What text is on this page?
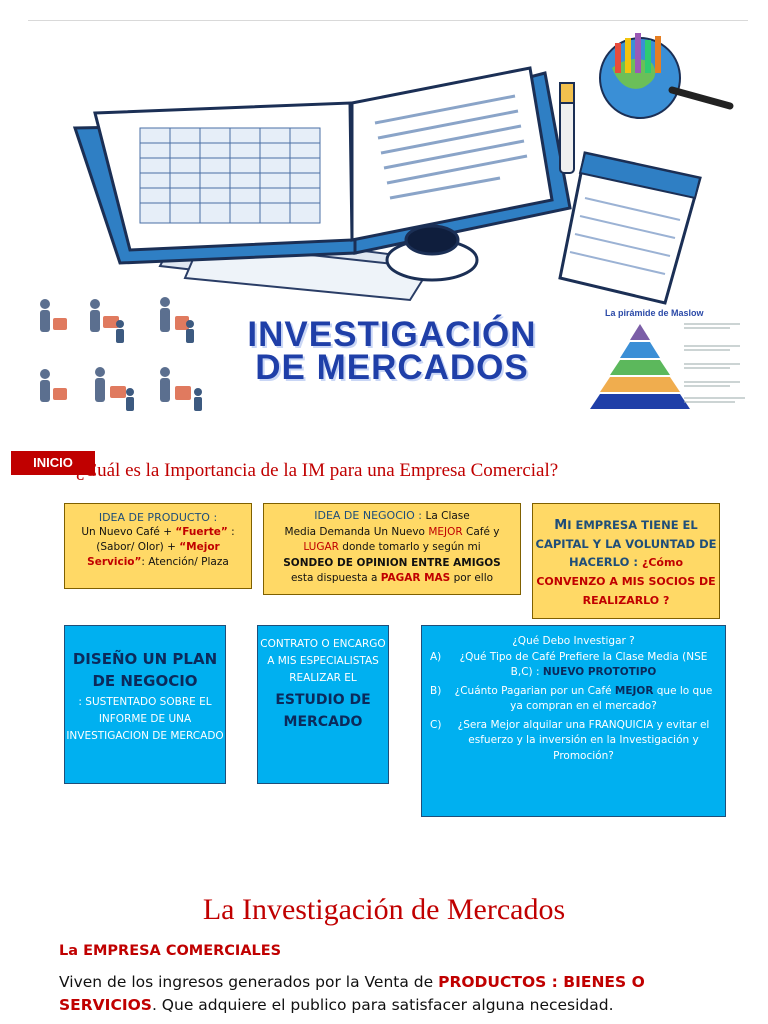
La pirámide de Maslow
INVESTIGACIÓN
DE MERCADOS
INICIO ¿Cuál es la Importancia de la IM para una Empresa Comercial?
IDEA DE PRODUCTO :
Un Nuevo Café + “Fuerte” :
(Sabor/ Olor) + “Mejor
Servicio”: Atención/ Plaza
IDEA DE NEGOCIO : La Clase
Media Demanda Un Nuevo MEJOR Café y
LUGAR donde tomarlo y según mi
SONDEO DE OPINION ENTRE AMIGOS
esta dispuesta a PAGAR MAS por ello
MI EMPRESA TIENE EL CAPITAL Y LA VOLUNTAD DE HACERLO : ¿Cómo CONVENZO A MIS SOCIOS DE REALIZARLO ?
DISEÑO UN PLAN DE NEGOCIO
: SUSTENTADO SOBRE EL INFORME DE UNA INVESTIGACION DE MERCADO
CONTRATO O ENCARGO A MIS ESPECIALISTAS REALIZAR EL
ESTUDIO DE MERCADO
¿Qué Debo Investigar ?
A) ¿Qué Tipo de Café Prefiere la Clase Media (NSE B,C) : NUEVO PROTOTIPO
B) ¿Cuánto Pagarian por un Café MEJOR que lo que ya compran en el mercado?
C) ¿Sera Mejor alquilar una FRANQUICIA y evitar el esfuerzo y la inversión en la Investigación y Promoción?
La Investigación de Mercados
La EMPRESA COMERCIALES
Viven de los ingresos generados por la Venta de PRODUCTOS : BIENES O SERVICIOS. Que adquiere el publico para satisfacer alguna necesidad.
